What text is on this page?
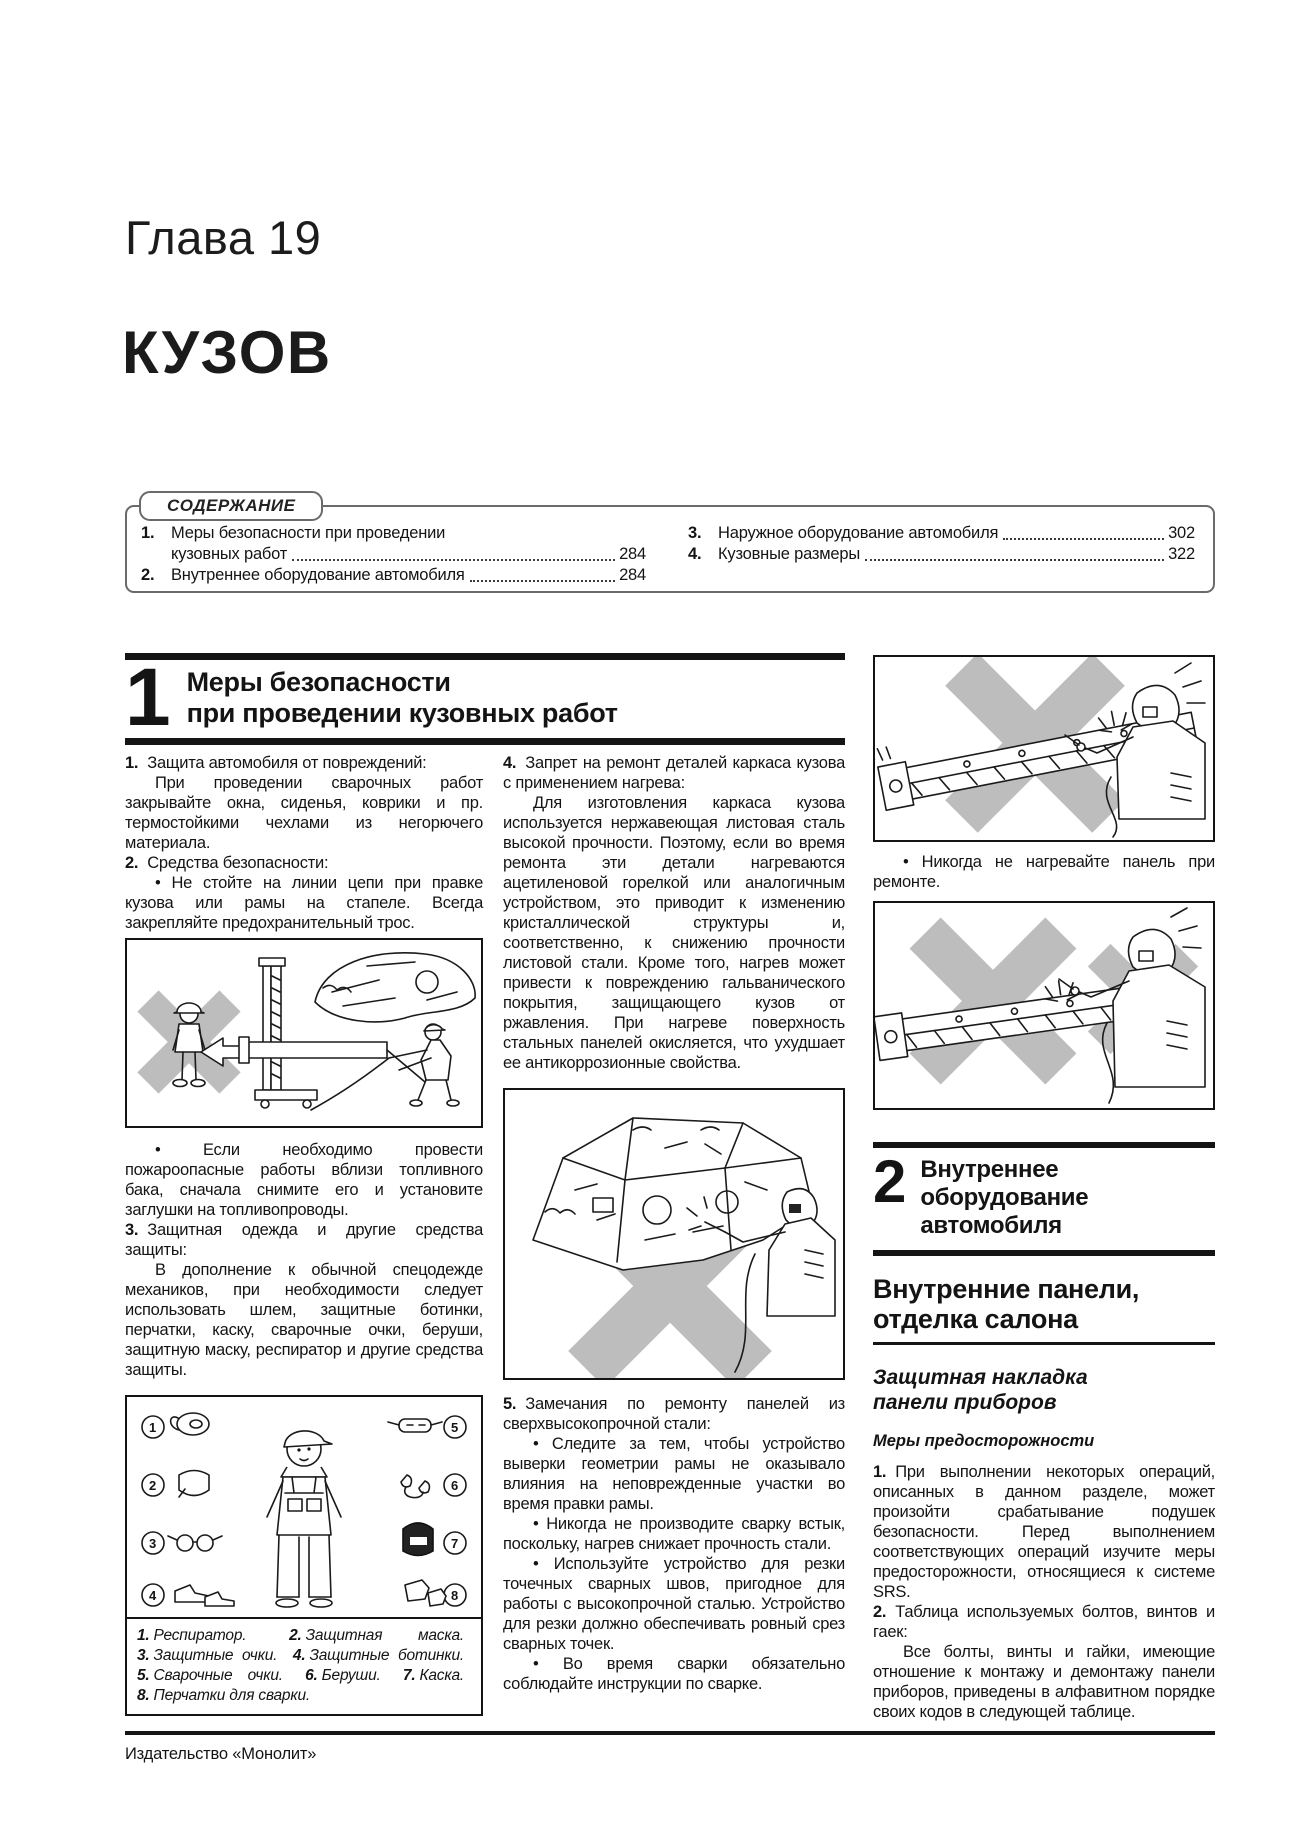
Глава 19
КУЗОВ
СОДЕРЖАНИЕ
1.	Меры безопасности при проведении
кузовных работ	284
2.	Внутреннее оборудование автомобиля	284
3.	Наружное оборудование автомобиля	302
4.	Кузовные размеры	322
1 Меры безопасности
при проведении кузовных работ

1. Защита автомобиля от повреждений:

При проведении сварочных работ закрывайте окна, сиденья, коврики и пр. термостойкими чехлами из негорючего материала.

2. Средства безопасности:

• Не стойте на линии цепи при правке кузова или рамы на стапеле. Всегда закрепляйте предохранительный трос.

• Если необходимо провести пожароопасные работы вблизи топливного бака, сначала снимите его и установите заглушки на топливопроводы.

3. Защитная одежда и другие средства защиты:

В дополнение к обычной спецодежде механиков, при необходимости следует использовать шлем, защитные ботинки, перчатки, каску, сварочные очки, беруши, защитную маску, респиратор и другие средства защиты.

1
2
3
4
5
6
7
8
1. Респиратор.	2. Защитная маска. 3. Защитные очки. 4. Защитные ботинки. 5. Сварочные очки. 6. Беруши. 7. Каска. 8. Перчатки для сварки.

4. Запрет на ремонт деталей каркаса кузова с применением нагрева:

Для изготовления каркаса кузова используется нержавеющая листовая сталь высокой прочности. Поэтому, если во время ремонта эти детали нагреваются ацетиленовой горелкой или аналогичным устройством, это приводит к изменению кристаллической структуры и, соответственно, к снижению прочности листовой стали. Кроме того, нагрев может привести к повреждению гальванического покрытия, защищающего кузов от ржавления. При нагреве поверхность стальных панелей окисляется, что ухудшает ее антикоррозионные свойства.

5. Замечания по ремонту панелей из сверхвысокопрочной стали:

• Следите за тем, чтобы устройство выверки геометрии рамы не оказывало влияния на неповрежденные участки во время правки рамы.

• Никогда не производите сварку встык, поскольку, нагрев снижает прочность стали.

• Используйте устройство для резки точечных сварных швов, пригодное для работы с высокопрочной сталью. Устройство для резки должно обеспечивать ровный срез сварных точек.

• Во время сварки обязательно соблюдайте инструкции по сварке.

• Никогда не нагревайте панель при ремонте.

2 Внутреннее
оборудование
автомобиля
Внутренние панели,
отделка салона
Защитная накладка
панели приборов
Меры предосторожности

1. При выполнении некоторых операций, описанных в данном разделе, может произойти срабатывание подушек безопасности. Перед выполнением соответствующих операций изучите меры предосторожности, относящиеся к системе SRS.

2. Таблица используемых болтов, винтов и гаек:

Все болты, винты и гайки, имеющие отношение к монтажу и демонтажу панели приборов, приведены в алфавитном порядке своих кодов в следующей таблице.

Издательство «Монолит»
